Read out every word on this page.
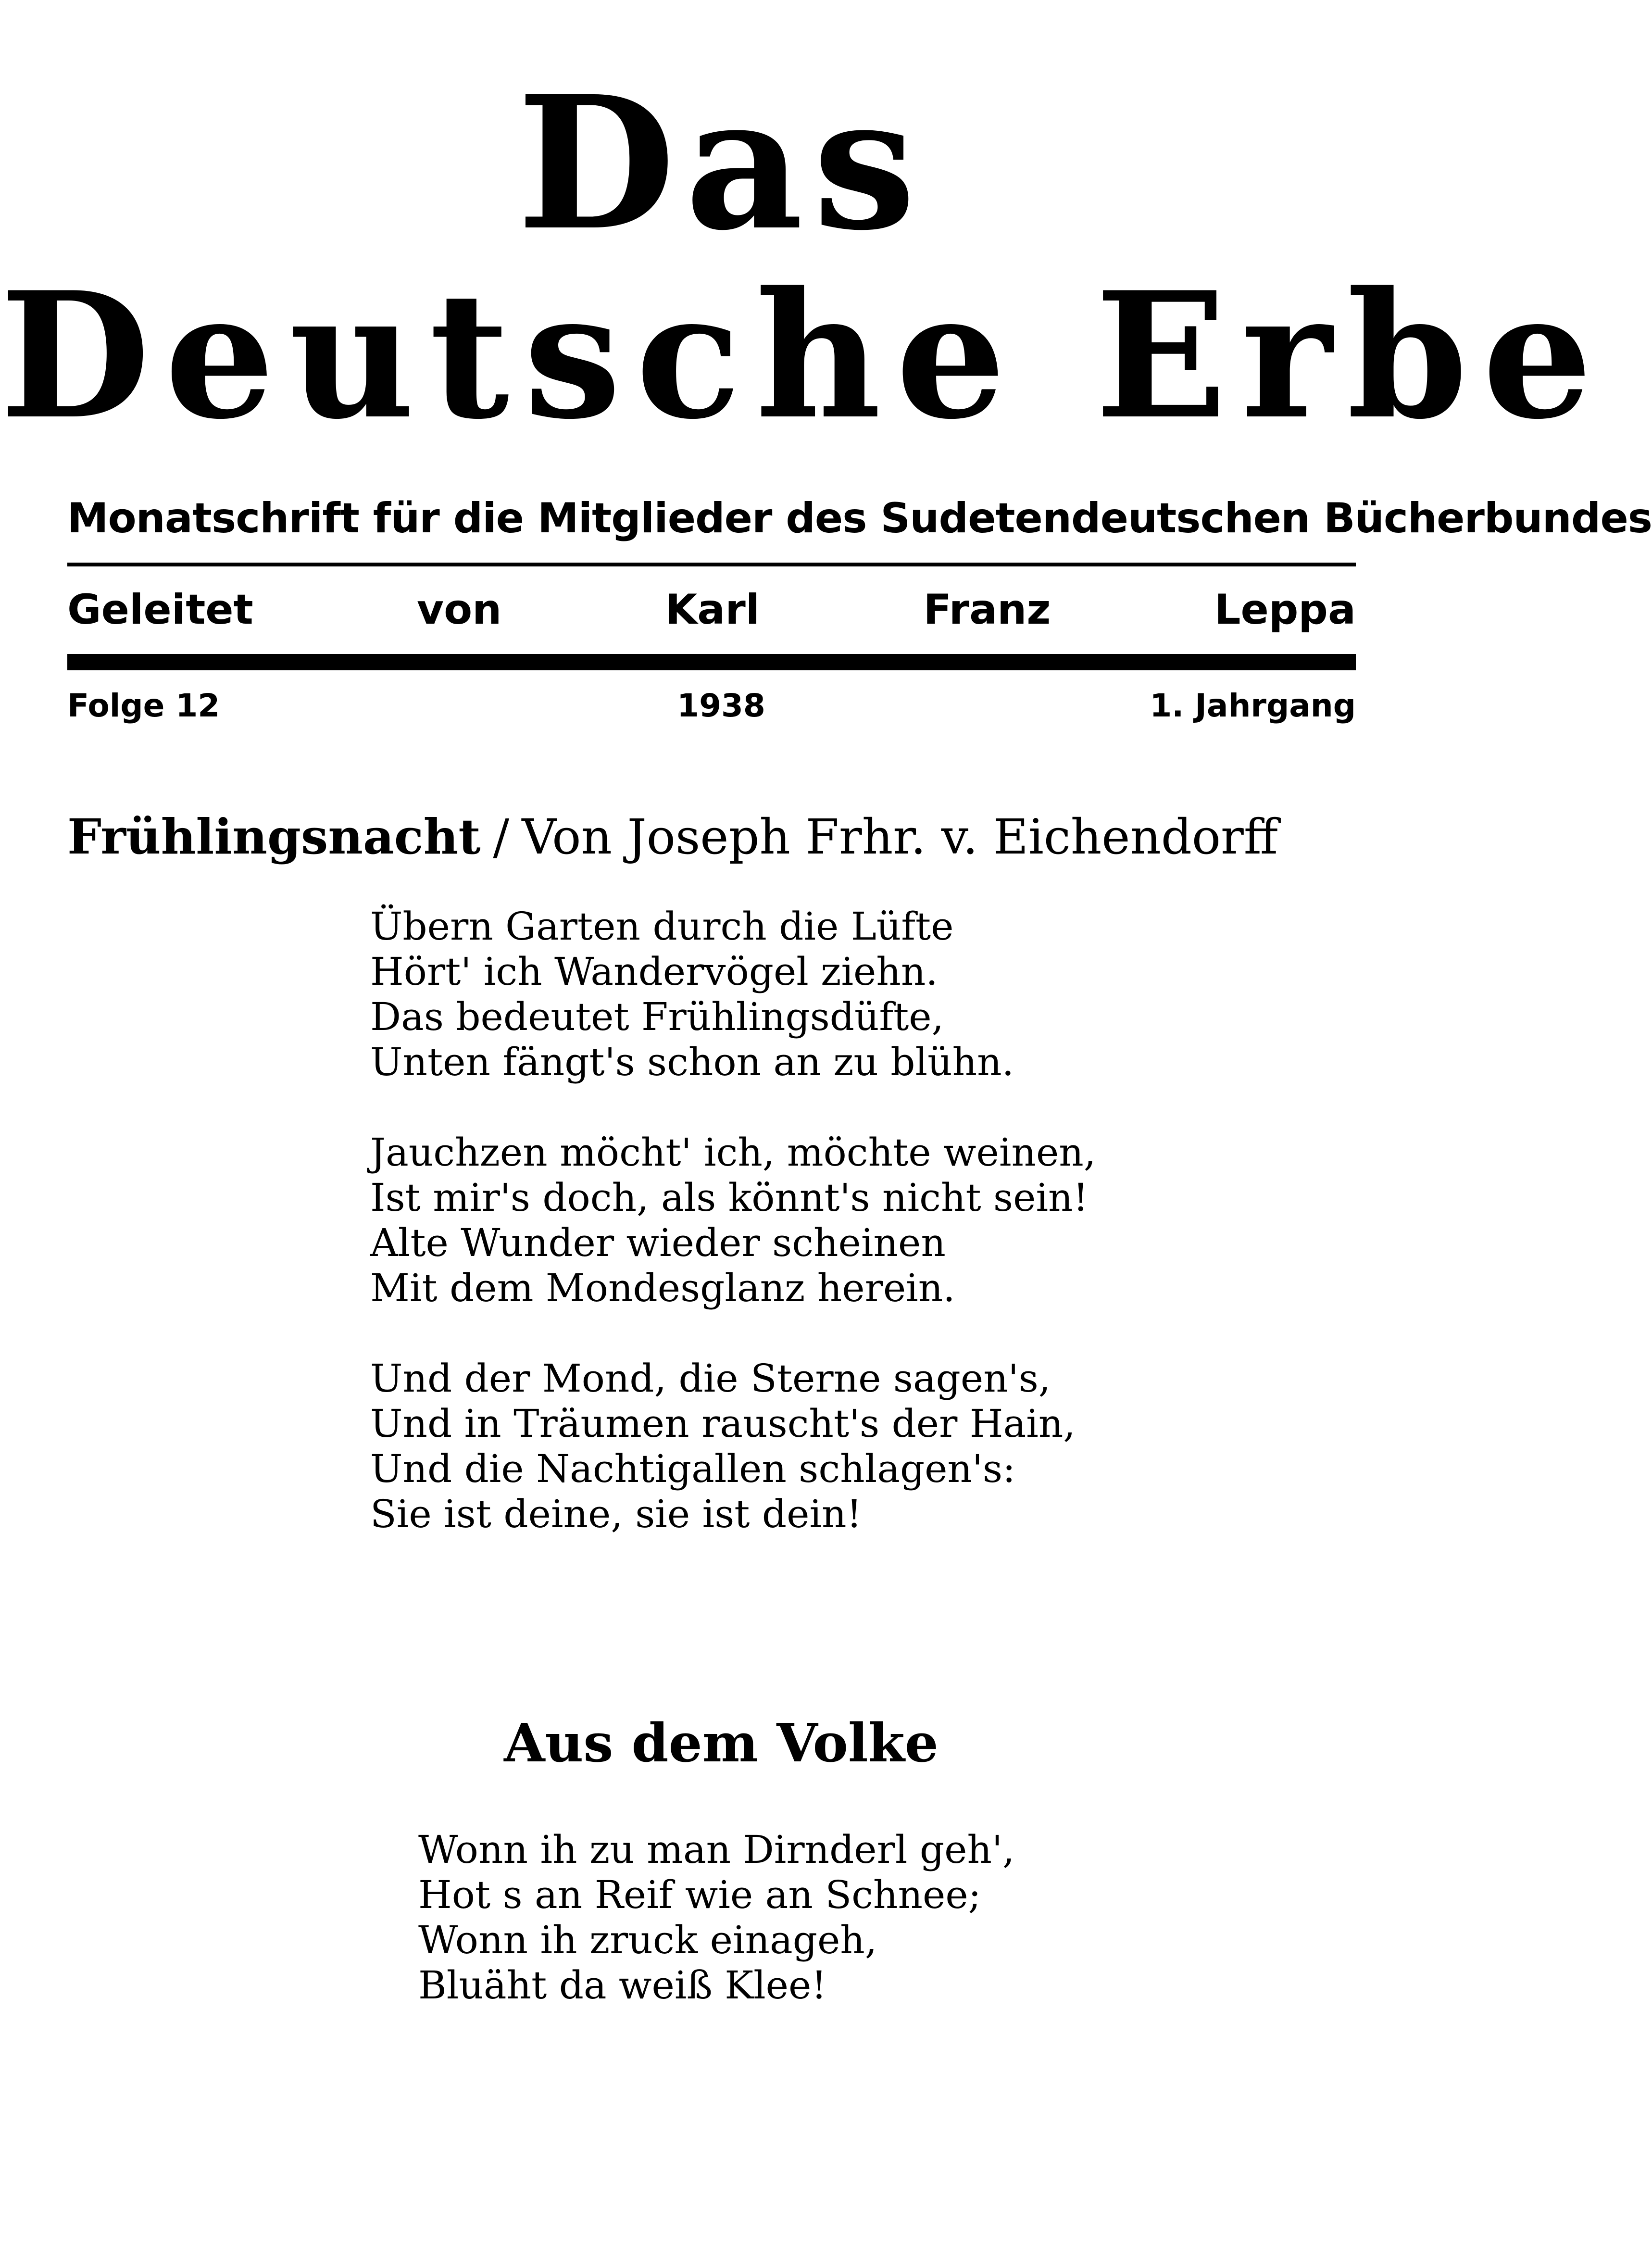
Das
Deutsche Erbe
Monatschrift für die Mitglieder des Sudetendeutschen Bücherbundes
Geleitet von Karl Franz Leppa
Folge 12	1938	1. Jahrgang
Frühlingsnacht / Von Joseph Frhr. v. Eichendorff
Übern Garten durch die Lüfte
Hört' ich Wandervögel ziehn.
Das bedeutet Frühlingsdüfte,
Unten fängt's schon an zu blühn.
Jauchzen möcht' ich, möchte weinen,
Ist mir's doch, als könnt's nicht sein!
Alte Wunder wieder scheinen
Mit dem Mondesglanz herein.
Und der Mond, die Sterne sagen's,
Und in Träumen rauscht's der Hain,
Und die Nachtigallen schlagen's:
Sie ist deine, sie ist dein!
Aus dem Volke
Wonn ih zu man Dirnderl geh',
Hot s an Reif wie an Schnee;
Wonn ih zruck einageh,
Bluäht da weiß Klee!
